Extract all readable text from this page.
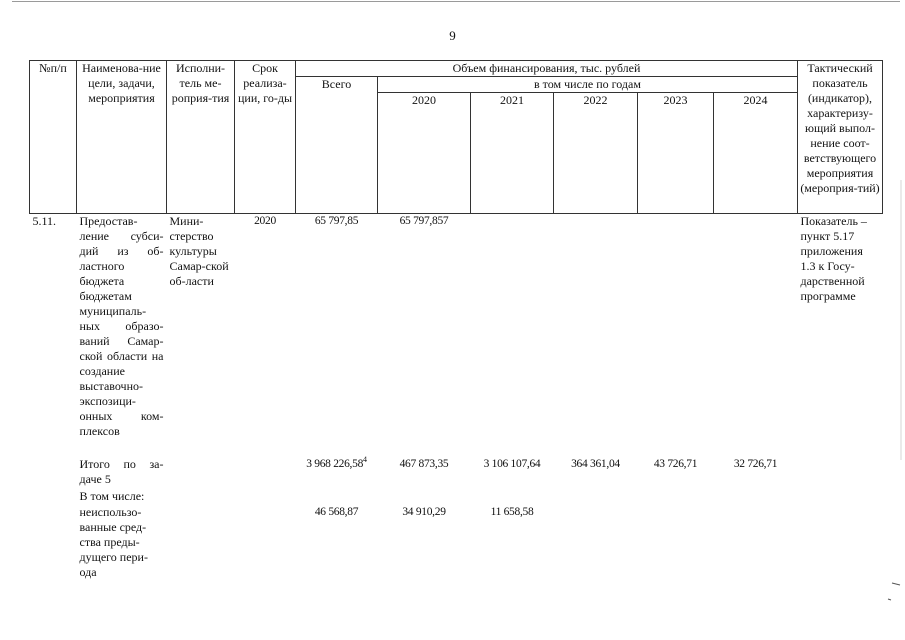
9
№п/п	Наименова-ние цели, задачи, мероприятия	Исполни-тель ме-роприя-тия	Срок реализа-ции, го-ды	Объем финансирования, тыс. рублей						Тактический показатель (индикатор), характеризу-ющий выпол-нение соот-ветствующего мероприятия (мероприя-тий)
				Всего	в том числе по годам					
					2020	2021	2022	2023	2024	
5.11.	Предостав-ление субси-дий из об-ластного бюджета бюджетам муниципаль-ных образо-ваний Самар-ской области на создание выставочно-экспозици-онных ком-плексов	Мини-стерство культуры Самар-ской об-ласти	2020	65 797,85	65 797,857					Показатель – пункт 5.17 приложения 1.3 к Госу-дарственной программе
	Итого по за-даче 5			3 968 226,58$^4$	467 873,35	3 106 107,64	364 361,04	43 726,71	32 726,71	
	В том числе:									
	неиспользо-ванные сред-ства преды-дущего пери-ода			46 568,87	34 910,29	11 658,58				
